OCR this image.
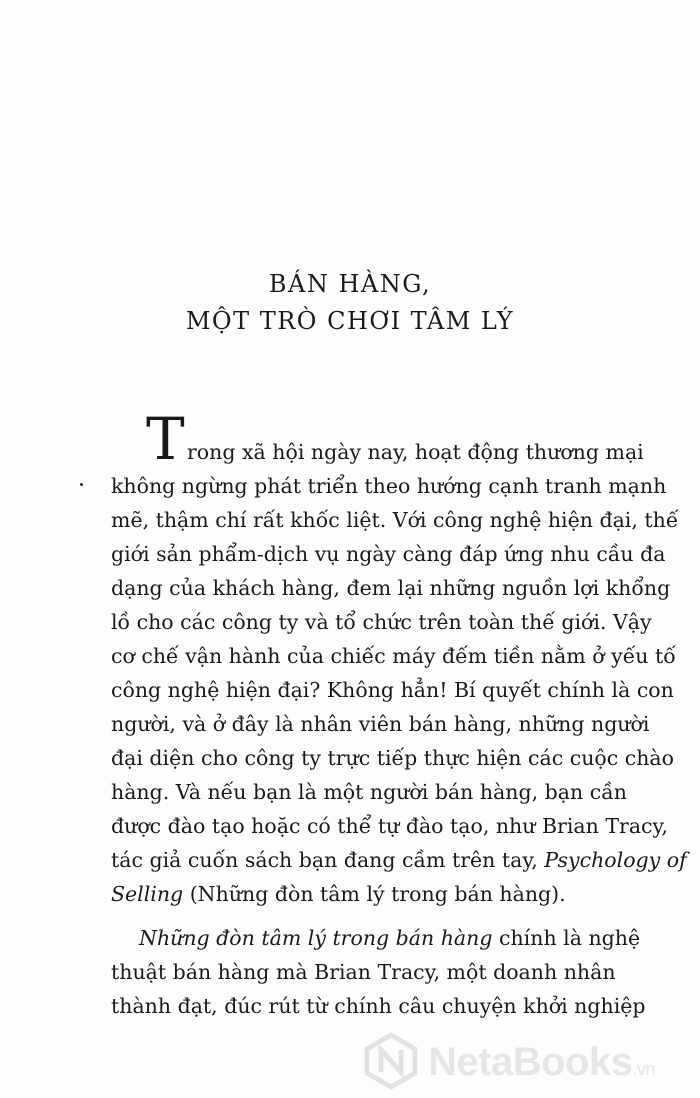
BÁN HÀNG,
MỘT TRÒ CHƠI TÂM LÝ
T rong xã hội ngày nay, hoạt động thương mại
không ngừng phát triển theo hướng cạnh tranh mạnh
mẽ, thậm chí rất khốc liệt. Với công nghệ hiện đại, thế
giới sản phẩm-dịch vụ ngày càng đáp ứng nhu cầu đa
dạng của khách hàng, đem lại những nguồn lợi khổng
lồ cho các công ty và tổ chức trên toàn thế giới. Vậy
cơ chế vận hành của chiếc máy đếm tiền nằm ở yếu tố
công nghệ hiện đại? Không hẳn! Bí quyết chính là con
người, và ở đây là nhân viên bán hàng, những người
đại diện cho công ty trực tiếp thực hiện các cuộc chào
hàng. Và nếu bạn là một người bán hàng, bạn cần
được đào tạo hoặc có thể tự đào tạo, như Brian Tracy,
tác giả cuốn sách bạn đang cầm trên tay, Psychology of
Selling (Những đòn tâm lý trong bán hàng).
Những đòn tâm lý trong bán hàng chính là nghệ
thuật bán hàng mà Brian Tracy, một doanh nhân
thành đạt, đúc rút từ chính câu chuyện khởi nghiệp
NetaBooks.vn
